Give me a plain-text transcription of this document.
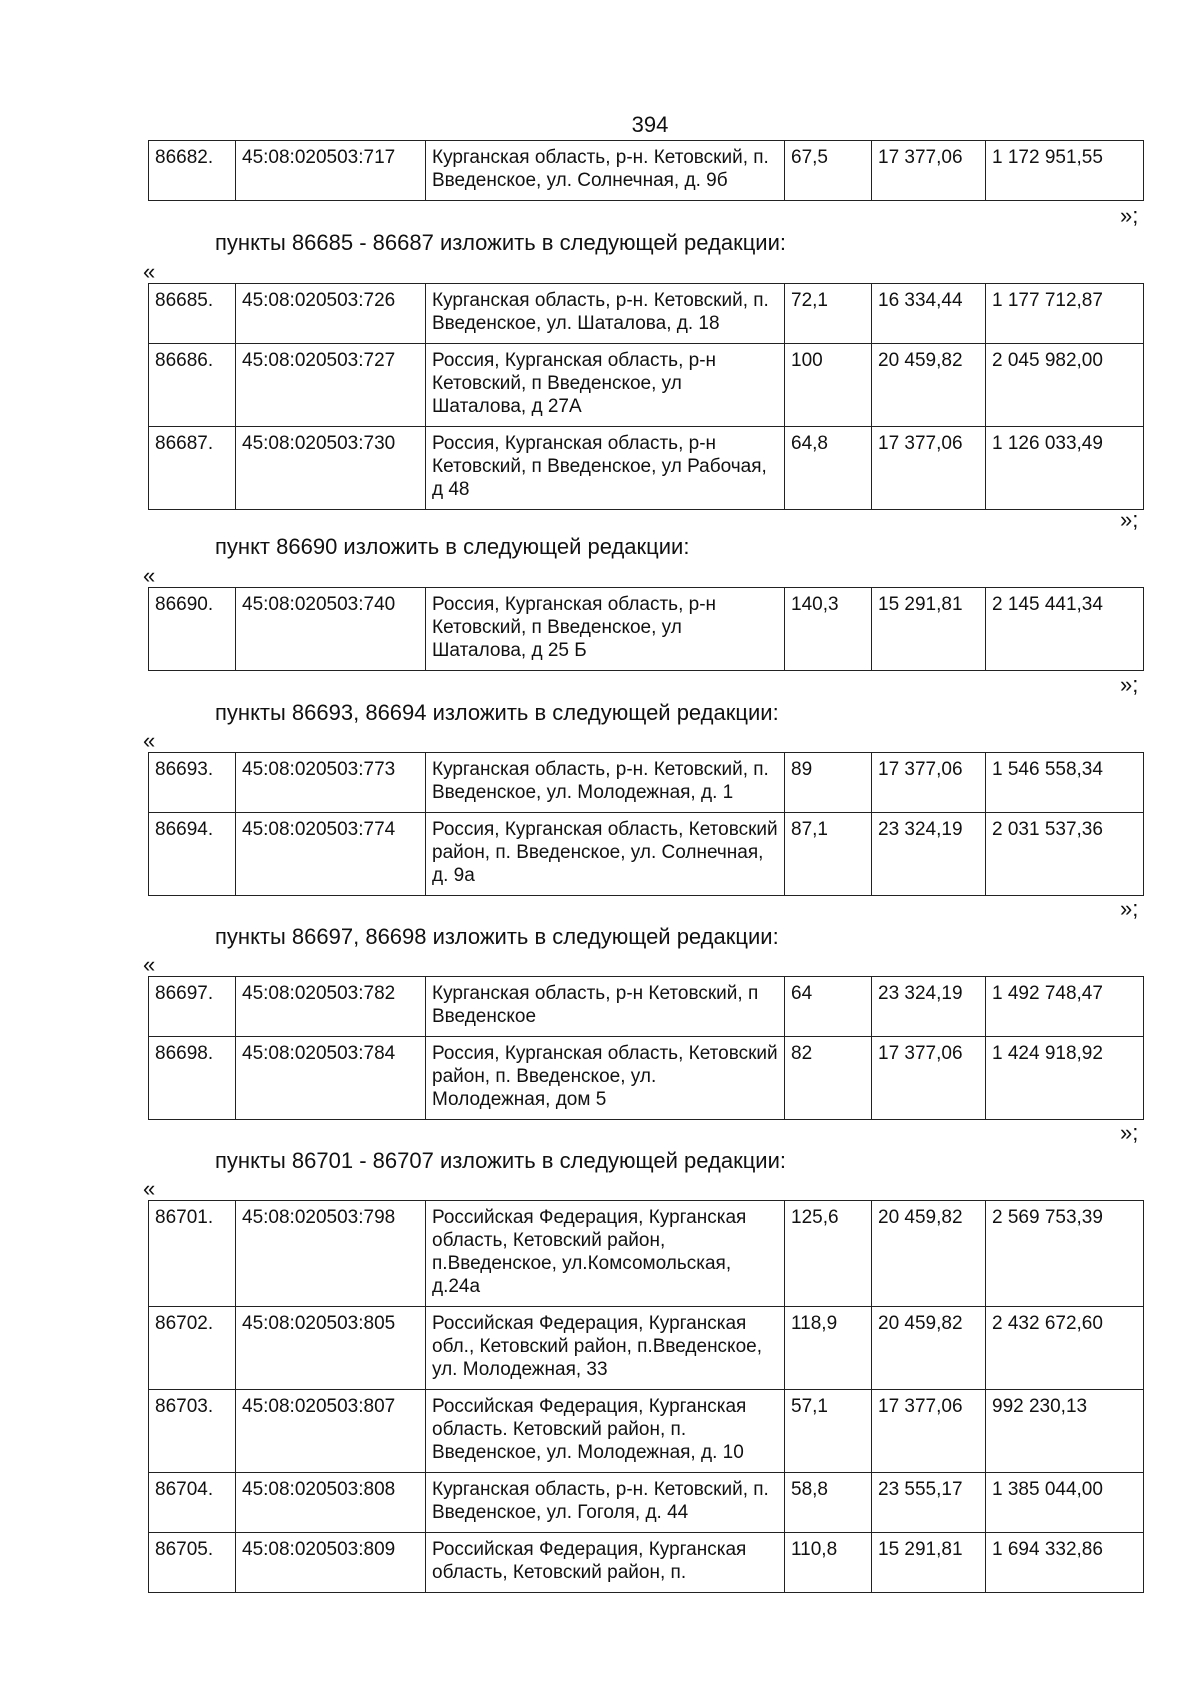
394
86682.	45:08:020503:717	Курганская область, р-н. Кетовский, п. Введенское, ул. Солнечная, д. 9б	67,5	17 377,06	1 172 951,55
»;
пункты 86685 - 86687 изложить в следующей редакции:
«
86685.	45:08:020503:726	Курганская область, р-н. Кетовский, п. Введенское, ул. Шаталова, д. 18	72,1	16 334,44	1 177 712,87
86686.	45:08:020503:727	Россия, Курганская область, р-н Кетовский, п Введенское, ул Шаталова, д 27А	100	20 459,82	2 045 982,00
86687.	45:08:020503:730	Россия, Курганская область, р-н Кетовский, п Введенское, ул Рабочая, д 48	64,8	17 377,06	1 126 033,49
»;
пункт 86690 изложить в следующей редакции:
«
86690.	45:08:020503:740	Россия, Курганская область, р-н Кетовский, п Введенское, ул Шаталова, д 25 Б	140,3	15 291,81	2 145 441,34
»;
пункты 86693, 86694 изложить в следующей редакции:
«
86693.	45:08:020503:773	Курганская область, р-н. Кетовский, п. Введенское, ул. Молодежная, д. 1	89	17 377,06	1 546 558,34
86694.	45:08:020503:774	Россия, Курганская область, Кетовский район, п. Введенское, ул. Солнечная, д. 9а	87,1	23 324,19	2 031 537,36
»;
пункты 86697, 86698 изложить в следующей редакции:
«
86697.	45:08:020503:782	Курганская область, р-н Кетовский, п Введенское	64	23 324,19	1 492 748,47
86698.	45:08:020503:784	Россия, Курганская область, Кетовский район, п. Введенское, ул. Молодежная, дом 5	82	17 377,06	1 424 918,92
»;
пункты 86701 - 86707 изложить в следующей редакции:
«
86701.	45:08:020503:798	Российская Федерация, Курганская область, Кетовский район, п.Введенское, ул.Комсомольская, д.24а	125,6	20 459,82	2 569 753,39
86702.	45:08:020503:805	Российская Федерация, Курганская обл., Кетовский район, п.Введенское, ул. Молодежная, 33	118,9	20 459,82	2 432 672,60
86703.	45:08:020503:807	Российская Федерация, Курганская область. Кетовский район, п. Введенское, ул. Молодежная, д. 10	57,1	17 377,06	992 230,13
86704.	45:08:020503:808	Курганская область, р-н. Кетовский, п. Введенское, ул. Гоголя, д. 44	58,8	23 555,17	1 385 044,00
86705.	45:08:020503:809	Российская Федерация, Курганская область, Кетовский район, п.	110,8	15 291,81	1 694 332,86
